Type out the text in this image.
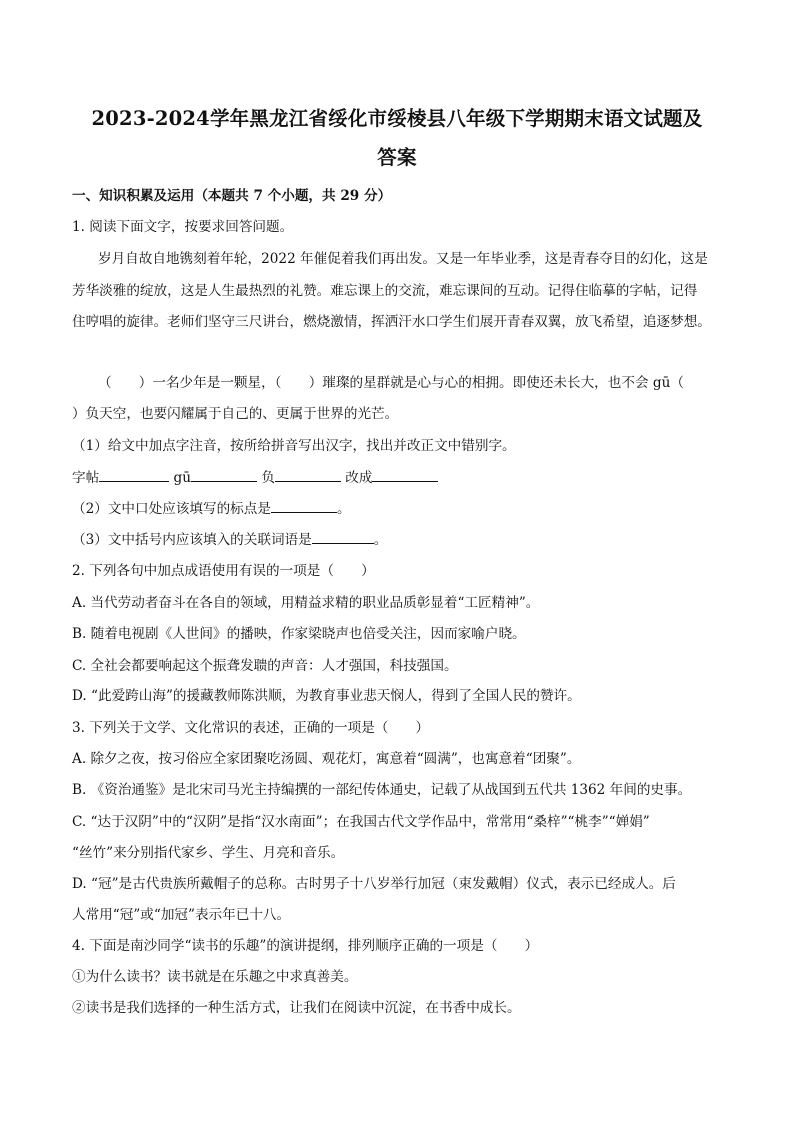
2023-2024学年黑龙江省绥化市绥棱县八年级下学期期末语文试题及
答案
一、知识积累及运用（本题共 7 个小题，共 29 分）
1. 阅读下面文字，按要求回答问题。
岁月自故自地镌刻着年轮，2022 年催促着我们再出发。又是一年毕业季，这是青春夺目的幻化，这是
芳华淡雅的绽放，这是人生最热烈的礼赞。难忘课上的交流，难忘课间的互动。记得住临摹的字帖，记得
住哼唱的旋律。老师们坚守三尺讲台，燃烧激情，挥洒汗水口学生们展开青春双翼，放飞希望，追逐梦想。
（　　）一名少年是一颗星，（　　）璀璨的星群就是心与心的相拥。即使还未长大，也不会 gū（
）负天空，也要闪耀属于自己的、更属于世界的光芒。
（1）给文中加点字注音，按所给拼音写出汉字，找出并改正文中错别字。
字帖	gū	负	改成
（2）文中口处应该填写的标点是	。
（3）文中括号内应该填入的关联词语是	。
2. 下列各句中加点成语使用有误的一项是（　　）
A. 当代劳动者奋斗在各自的领域，用精益求精的职业品质彰显着“工匠精神”。
B. 随着电视剧《人世间》的播映，作家梁晓声也倍受关注，因而家喻户晓。
C. 全社会都要响起这个振聋发聩的声音：人才强国，科技强国。
D. “此爱跨山海”的援藏教师陈洪顺，为教育事业悲天悯人，得到了全国人民的赞许。
3. 下列关于文学、文化常识的表述，正确的一项是（　　）
A. 除夕之夜，按习俗应全家团聚吃汤圆、观花灯，寓意着“圆满”，也寓意着“团聚”。
B. 《资治通鉴》是北宋司马光主持编撰的一部纪传体通史，记载了从战国到五代共 1362 年间的史事。
C. “达于汉阴”中的“汉阴”是指“汉水南面”；在我国古代文学作品中，常常用“桑梓”“桃李”“婵娟”
“丝竹”来分别指代家乡、学生、月亮和音乐。
D. “冠”是古代贵族所戴帽子的总称。古时男子十八岁举行加冠（束发戴帽）仪式，表示已经成人。后
人常用“冠”或“加冠”表示年已十八。
4. 下面是南沙同学“读书的乐趣”的演讲提纲，排列顺序正确的一项是（　　）
①为什么读书？读书就是在乐趣之中求真善美。
②读书是我们选择的一种生活方式，让我们在阅读中沉淀，在书香中成长。
